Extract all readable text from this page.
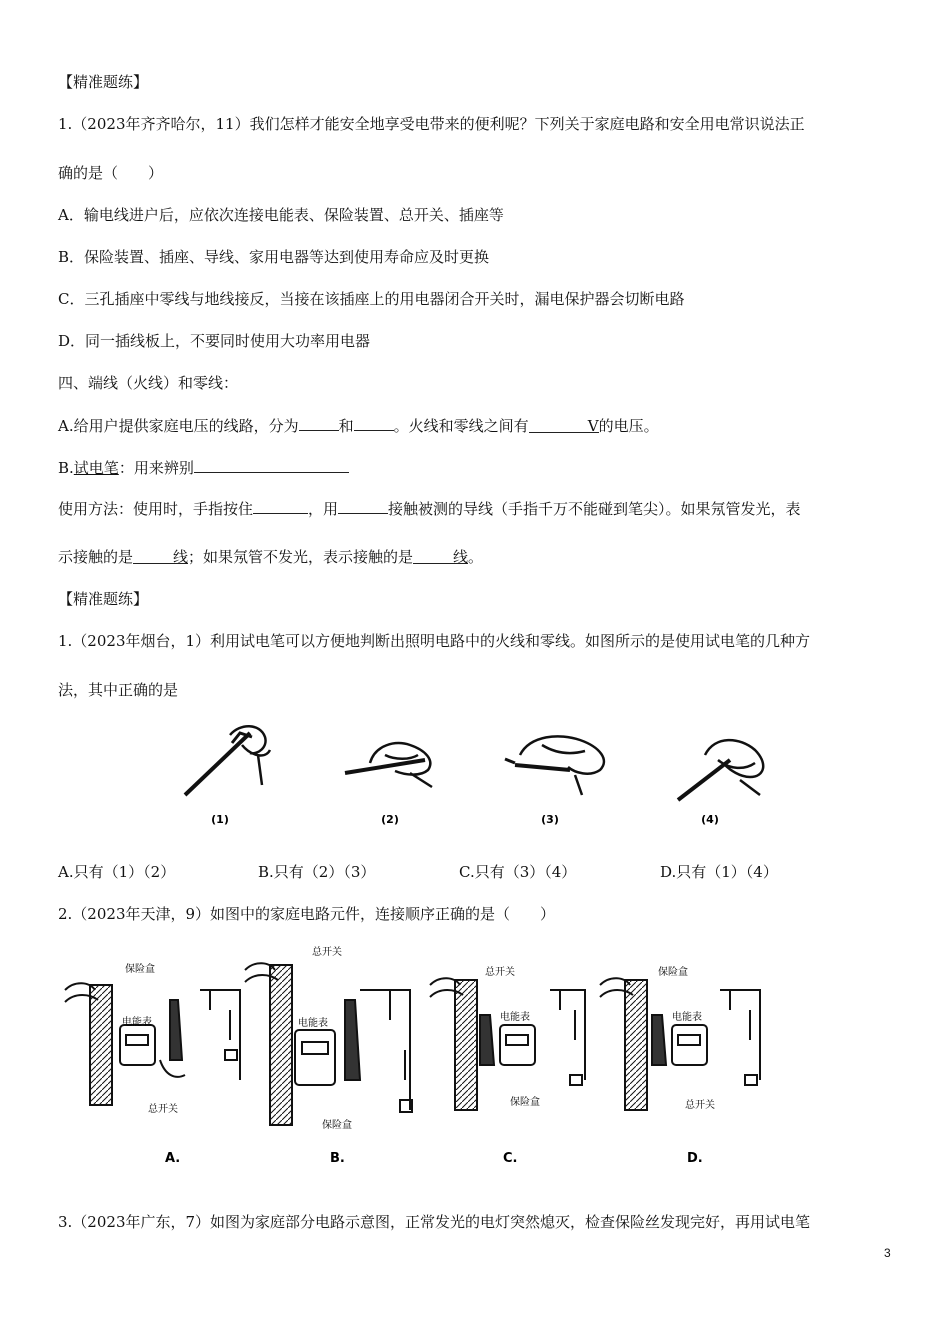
【精准题练】
1.（2023年齐齐哈尔，11）我们怎样才能安全地享受电带来的便利呢？下列关于家庭电路和安全用电常识说法正
确的是（　　）
A．输电线进户后，应依次连接电能表、保险装置、总开关、插座等
B．保险装置、插座、导线、家用电器等达到使用寿命应及时更换
C．三孔插座中零线与地线接反，当接在该插座上的用电器闭合开关时，漏电保护器会切断电路
D．同一插线板上，不要同时使用大功率用电器
四、端线（火线）和零线：
A.给用户提供家庭电压的线路，分为	和	。火线和零线之间有	V的电压。
B.试电笔：用来辨别
使用方法：使用时，手指按住	，用	接触被测的导线（手指千万不能碰到笔尖）。如果氖管发光，表
示接触的是	线；如果氖管不发光，表示接触的是	线。
【精准题练】
1.（2023年烟台，1）利用试电笔可以方便地判断出照明电路中的火线和零线。如图所示的是使用试电笔的几种方
法，其中正确的是
(1)	(2)	(3)	(4)
A.只有（1）（2）	B.只有（2）（3）	C.只有（3）（4）	D.只有（1）（4）
2.（2023年天津，9）如图中的家庭电路元件，连接顺序正确的是（　　）
保险盒
电能表
总开关
A.
总开关
电能表
保险盒
B.
总开关
电能表
保险盒
C.
保险盒
电能表
总开关
D.
3.（2023年广东，7）如图为家庭部分电路示意图，正常发光的电灯突然熄灭，检查保险丝发现完好，再用试电笔
3
